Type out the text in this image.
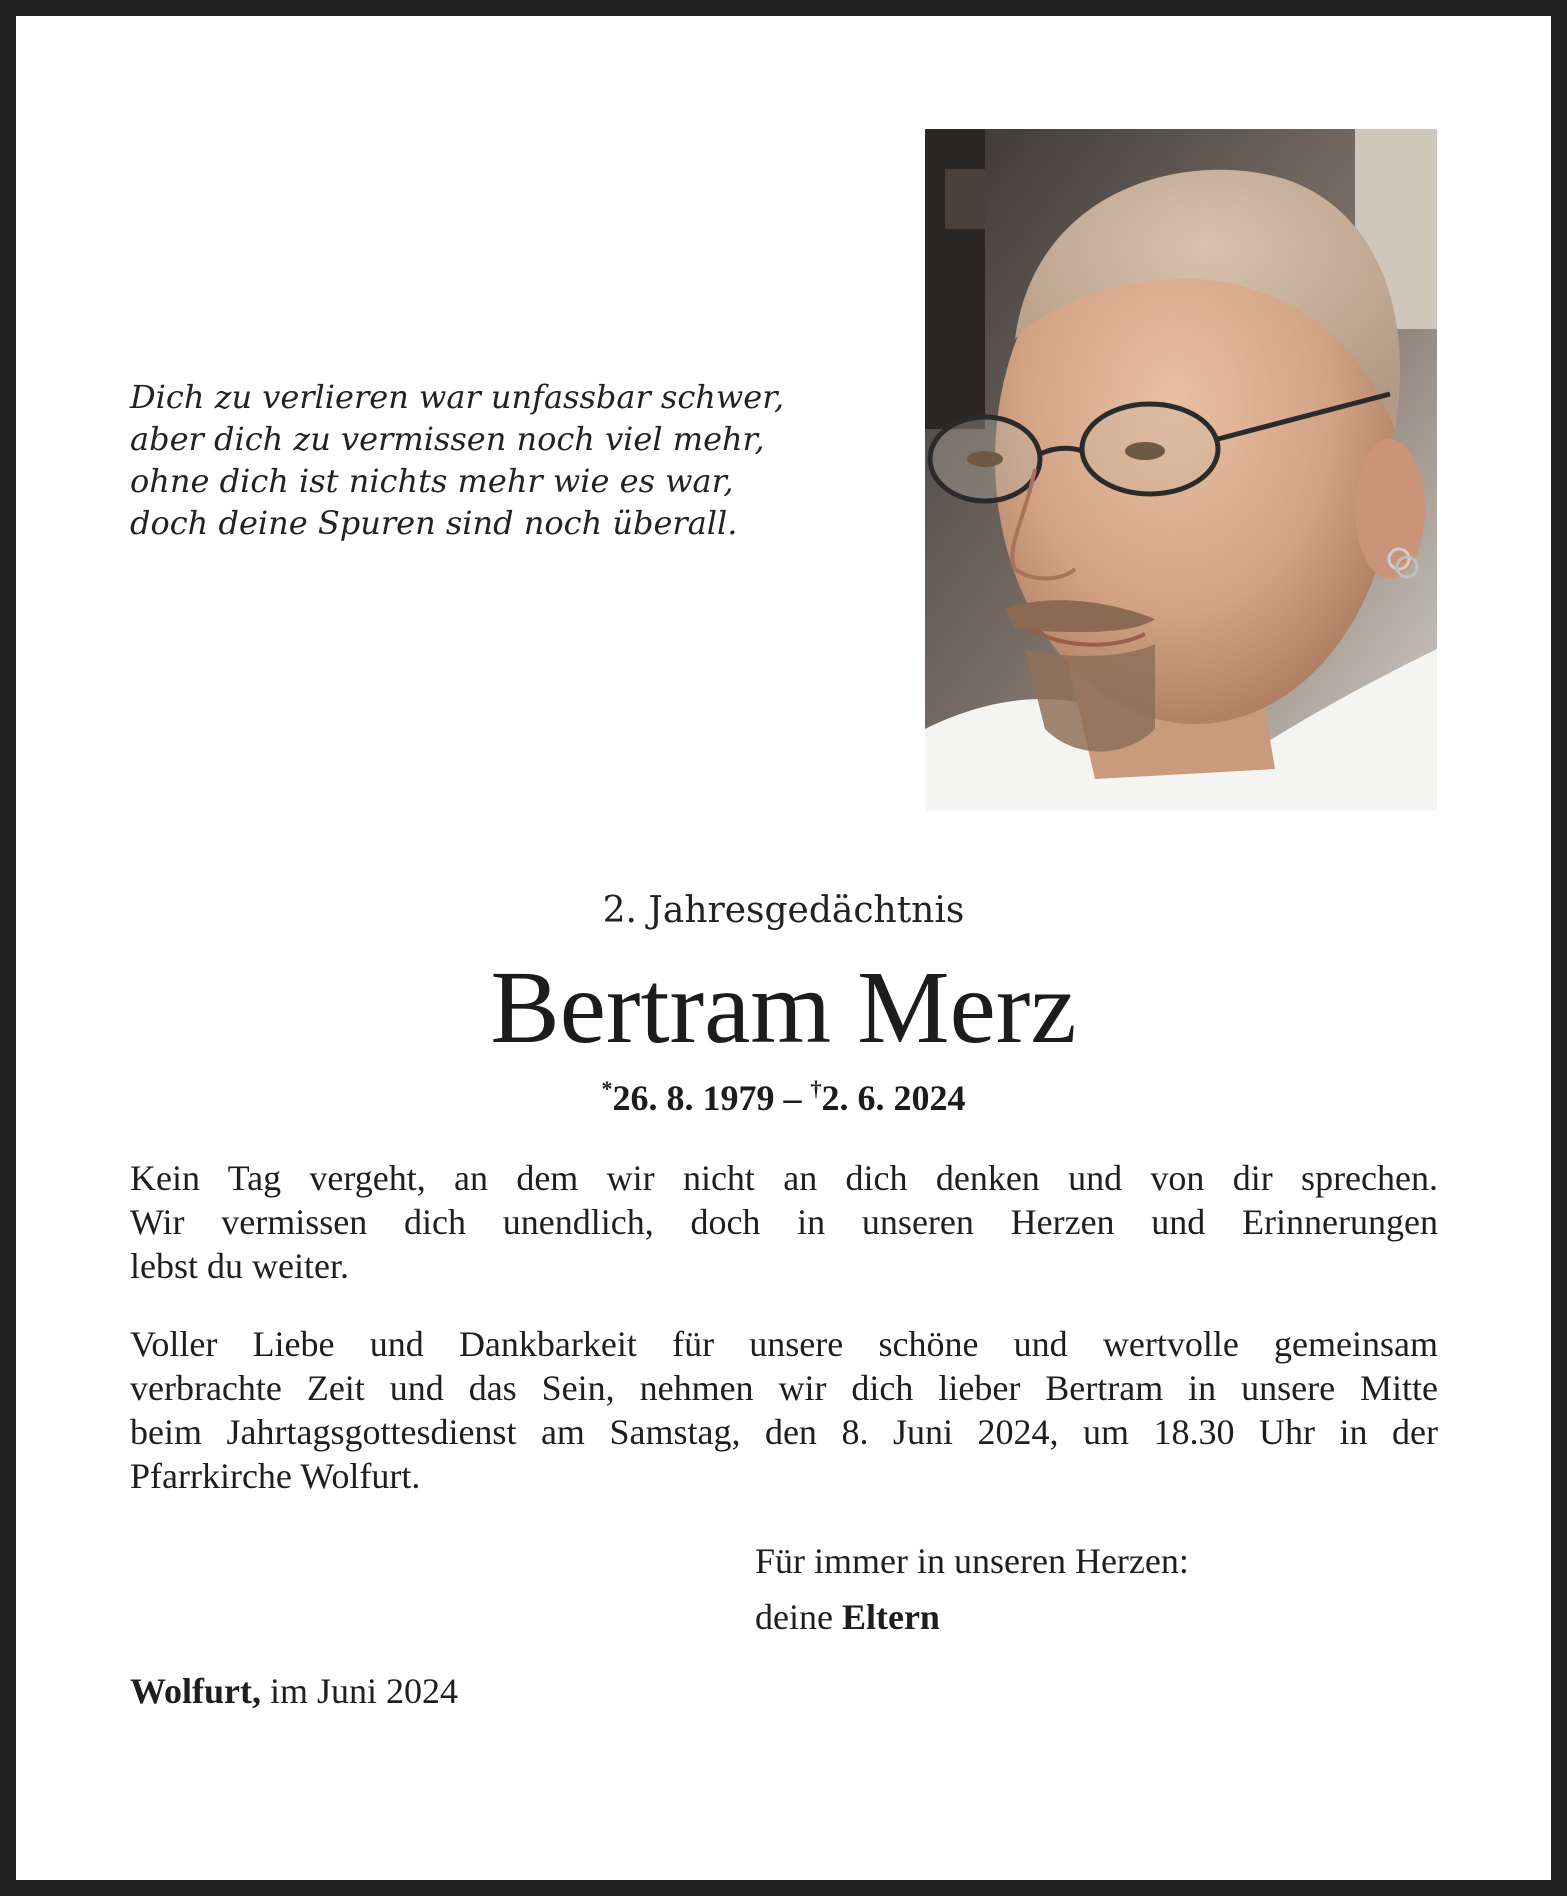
Dich zu verlieren war unfassbar schwer,
aber dich zu vermissen noch viel mehr,
ohne dich ist nichts mehr wie es war,
doch deine Spuren sind noch überall.
2. Jahresgedächtnis
Bertram Merz
*26. 8. 1979 – †2. 6. 2024
Kein Tag vergeht, an dem wir nicht an dich denken und von dir sprechen.
Wir vermissen dich unendlich, doch in unseren Herzen und Erinnerungen
lebst du weiter.
Voller Liebe und Dankbarkeit für unsere schöne und wertvolle gemeinsam
verbrachte Zeit und das Sein, nehmen wir dich lieber Bertram in unsere Mitte
beim Jahrtagsgottesdienst am Samstag, den 8. Juni 2024, um 18.30 Uhr in der
Pfarrkirche Wolfurt.
Für immer in unseren Herzen:
deine Eltern
Wolfurt, im Juni 2024
